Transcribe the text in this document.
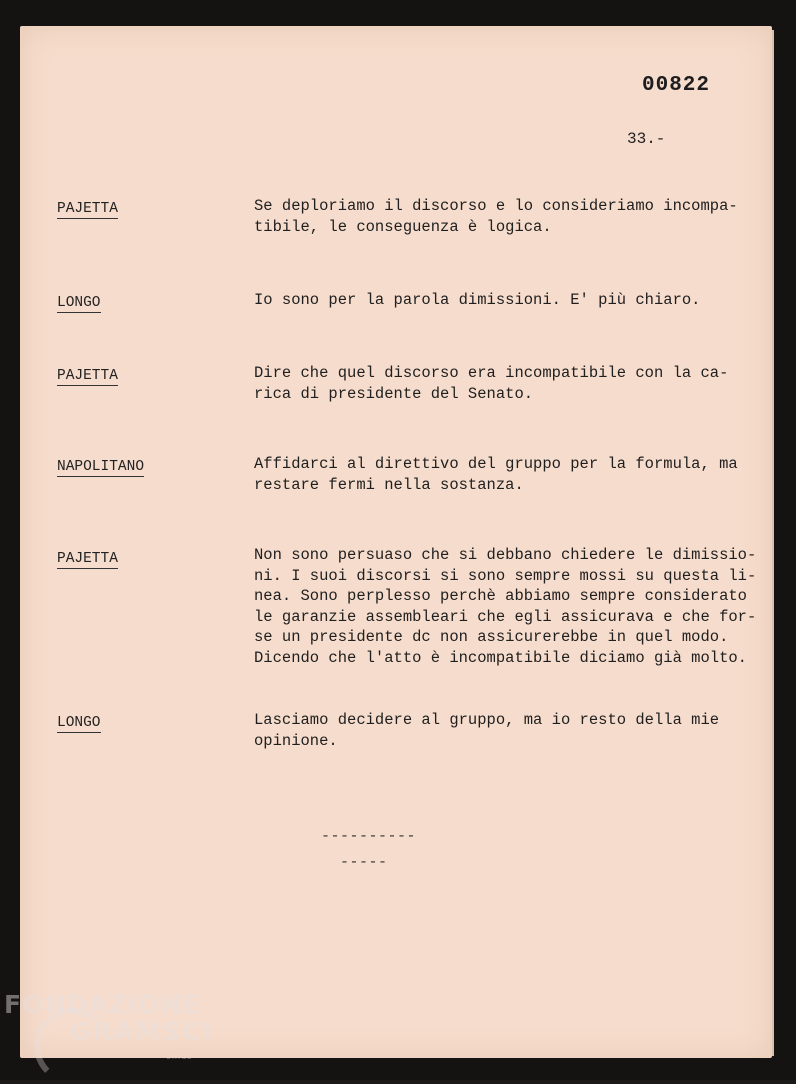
00822
33.-
PAJETTA	Se deploriamo il discorso e lo consideriamo incompa-
tibile, le conseguenza è logica.
LONGO	Io sono per la parola dimissioni. E' più chiaro.
PAJETTA	Dire che quel discorso era incompatibile con la ca-
rica di presidente del Senato.
NAPOLITANO	Affidarci al direttivo del gruppo per la formula, ma
restare fermi nella sostanza.
PAJETTA	Non sono persuaso che si debbano chiedere le dimissio-
ni. I suoi discorsi si sono sempre mossi su questa li-
nea. Sono perplesso perchè abbiamo sempre considerato
le garanzie assembleari che egli assicurava e che for-
se un presidente dc non assicurerebbe in quel modo.
Dicendo che l'atto è incompatibile diciamo già molto.
LONGO	Lasciamo decidere al gruppo, ma io resto della mie
opinione.
----------
-----
FONDAZIONE
GRAMSCI
onlus
